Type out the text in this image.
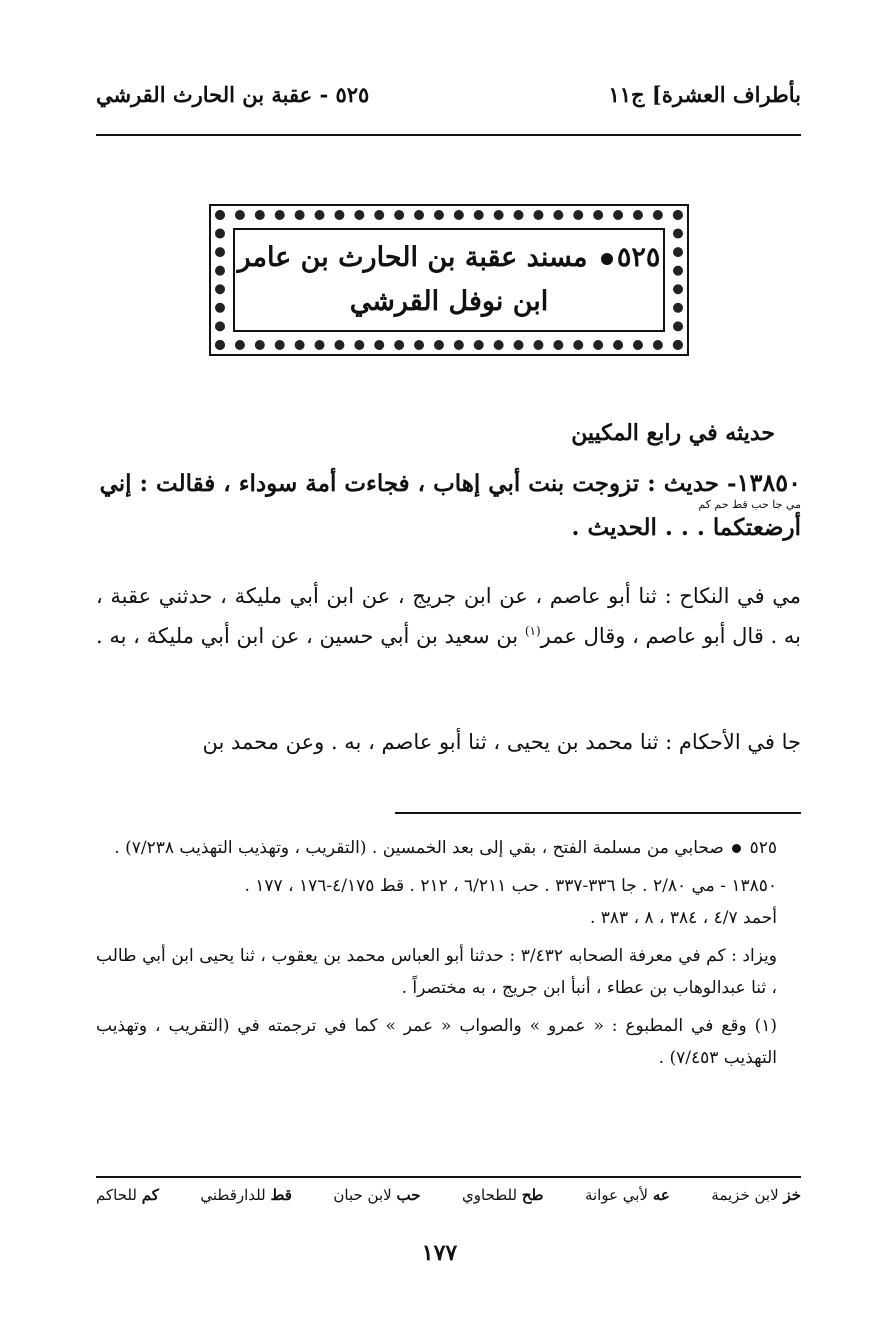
بأطراف العشرة] ج١١
٥٢٥ - عقبة بن الحارث القرشي
٥٢٥ مسند عقبة بن الحارث بن عامر
ابن نوفل القرشي
حديثه في رابع المكيين
١٣٨٥٠- حديث : تزوجت بنت أبي إهاب ، فجاءت أمة سوداء ، فقالت : إني
مي جا حب قط حم كم
أرضعتكما . . . الحديث .
مي في النكاح : ثنا أبو عاصم ، عن ابن جريج ، عن ابن أبي مليكة ، حدثني عقبة ، به . قال أبو عاصم ، وقال عمر$^{(١)}$ بن سعيد بن أبي حسين ، عن ابن أبي مليكة ، به .
جا في الأحكام : ثنا محمد بن يحيى ، ثنا أبو عاصم ، به . وعن محمد بن

٥٢٥  صحابي من مسلمة الفتح ، بقي إلى بعد الخمسين . (التقريب ، وتهذيب التهذيب ٧/٢٣٨) .

١٣٨٥٠ - مي ٢/٨٠ . جا ٣٣٦-٣٣٧ . حب ٦/٢١١ ، ٢١٢ . قط ٤/١٧٥-١٧٦ ، ١٧٧ .
أحمد ٤/٧ ، ٣٨٤ ، ٨ ، ٣٨٣ .

ويزاد : كم في معرفة الصحابه ٣/٤٣٢ : حدثنا أبو العباس محمد بن يعقوب ، ثنا يحيى ابن أبي طالب ، ثنا عبدالوهاب بن عطاء ، أنبأ ابن جريج ، به مختصراً .

(١) وقع في المطبوع : « عمرو » والصواب « عمر » كما في ترجمته في (التقريب ، وتهذيب التهذيب ٧/٤٥٣) .

خز لابن خزيمة
عه لأبي عوانة
طح للطحاوي
حب لابن حبان
قط للدارقطني
كم للحاكم
١٧٧
